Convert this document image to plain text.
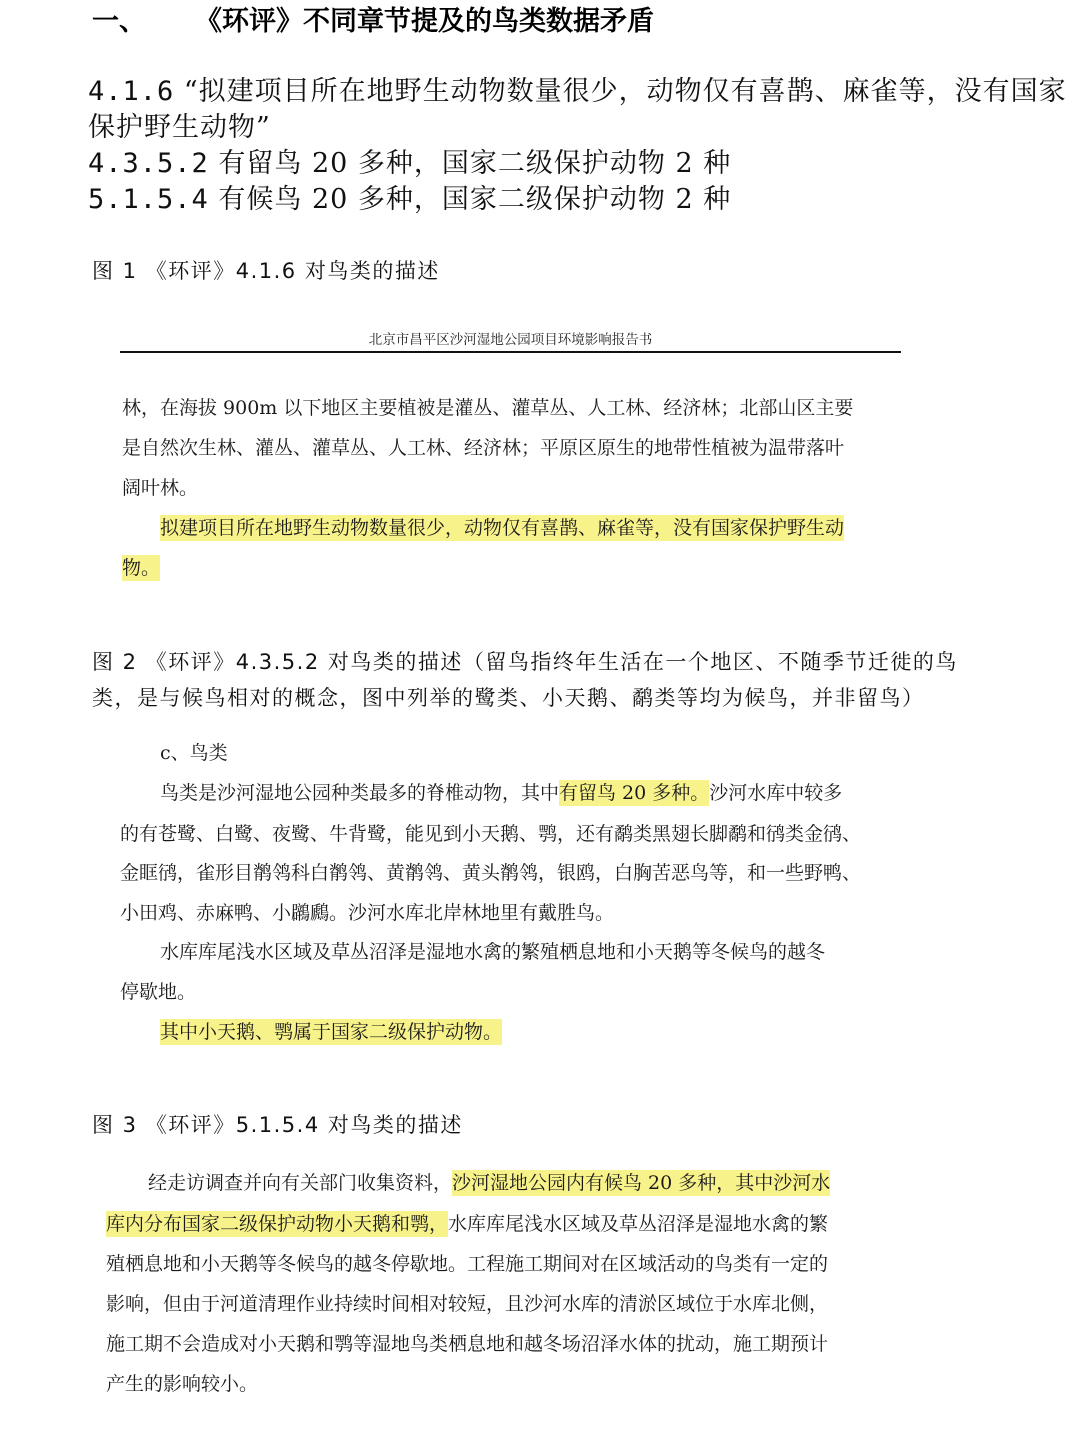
一、 《环评》不同章节提及的鸟类数据矛盾
4.1.6 “拟建项目所在地野生动物数量很少，动物仅有喜鹊、麻雀等，没有国家
保护野生动物”
4.3.5.2 有留鸟 20 多种，国家二级保护动物 2 种
5.1.5.4 有候鸟 20 多种，国家二级保护动物 2 种
图 1 《环评》4.1.6 对鸟类的描述
北京市昌平区沙河湿地公园项目环境影响报告书
林，在海拔 900m 以下地区主要植被是灌丛、灌草丛、人工林、经济林；北部山区主要
是自然次生林、灌丛、灌草丛、人工林、经济林；平原区原生的地带性植被为温带落叶
阔叶林。
拟建项目所在地野生动物数量很少，动物仅有喜鹊、麻雀等，没有国家保护野生动
物。
图 2 《环评》4.3.5.2 对鸟类的描述（留鸟指终年生活在一个地区、不随季节迁徙的鸟
类，是与候鸟相对的概念，图中列举的鹭类、小天鹅、鹬类等均为候鸟，并非留鸟）
c、鸟类
鸟类是沙河湿地公园种类最多的脊椎动物，其中有留鸟 20 多种。沙河水库中较多
的有苍鹭、白鹭、夜鹭、牛背鹭，能见到小天鹅、鹗，还有鹬类黑翅长脚鹬和鸻类金鸻、
金眶鸻，雀形目鹡鸰科白鹡鸰、黄鹡鸰、黄头鹡鸰，银鸥，白胸苦恶鸟等，和一些野鸭、
小田鸡、赤麻鸭、小鸊鷉。沙河水库北岸林地里有戴胜鸟。
水库库尾浅水区域及草丛沼泽是湿地水禽的繁殖栖息地和小天鹅等冬候鸟的越冬
停歇地。
其中小天鹅、鹗属于国家二级保护动物。
图 3 《环评》5.1.5.4 对鸟类的描述
经走访调查并向有关部门收集资料，沙河湿地公园内有候鸟 20 多种，其中沙河水
库内分布国家二级保护动物小天鹅和鹗，水库库尾浅水区域及草丛沼泽是湿地水禽的繁
殖栖息地和小天鹅等冬候鸟的越冬停歇地。工程施工期间对在区域活动的鸟类有一定的
影响，但由于河道清理作业持续时间相对较短，且沙河水库的清淤区域位于水库北侧，
施工期不会造成对小天鹅和鹗等湿地鸟类栖息地和越冬场沼泽水体的扰动，施工期预计
产生的影响较小。
